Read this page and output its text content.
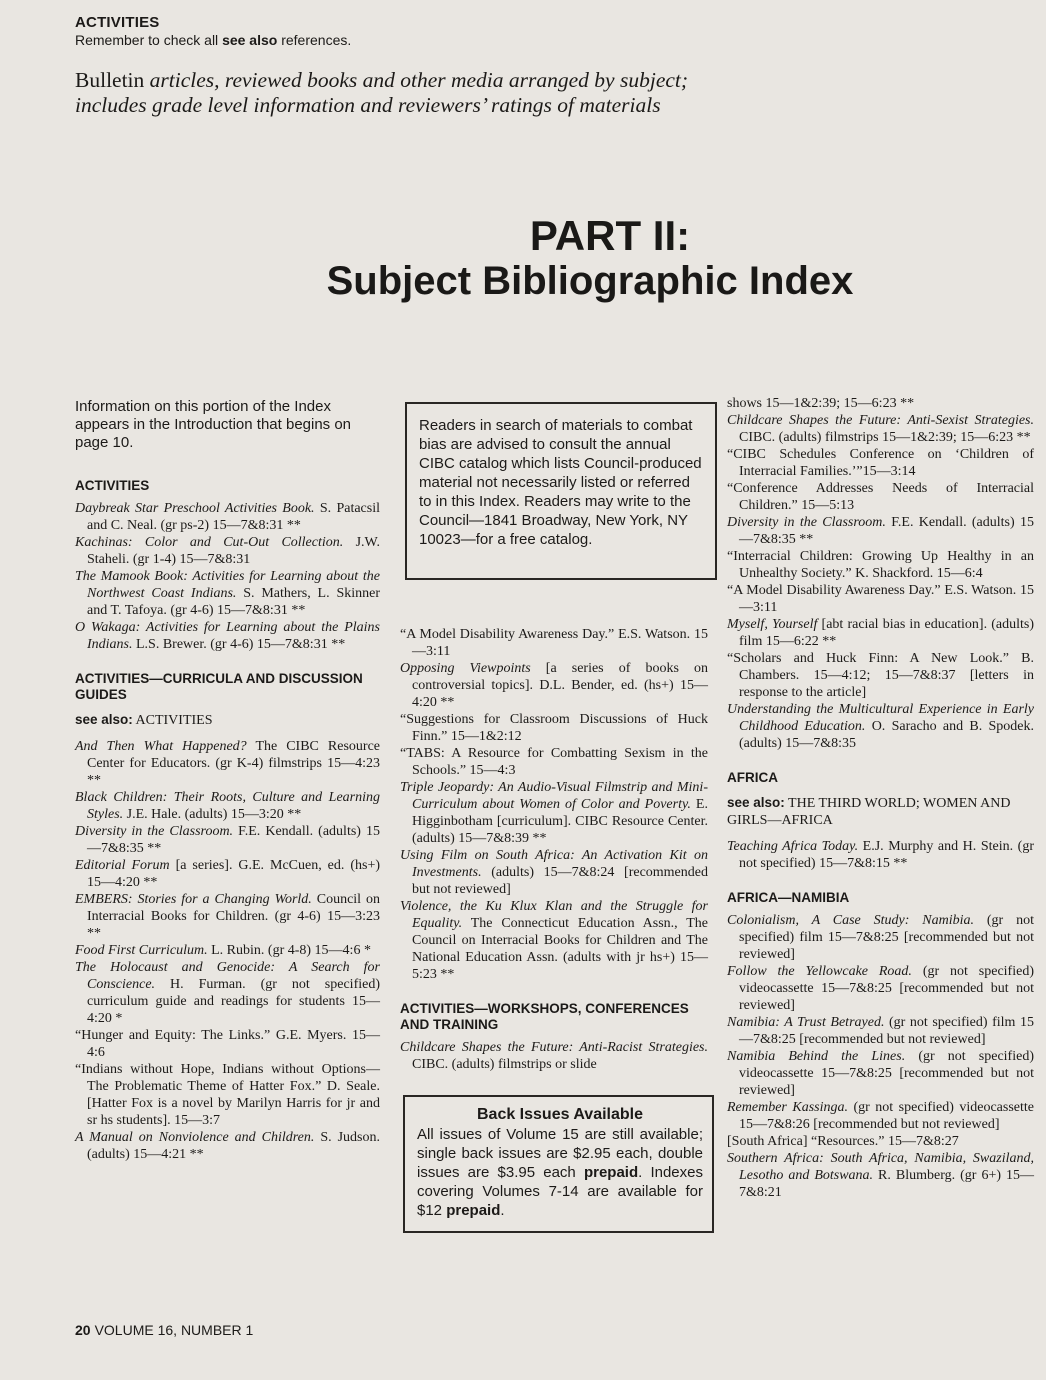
ACTIVITIES
Remember to check all see also references.
Bulletin articles, reviewed books and other media arranged by subject; includes grade level information and reviewers’ ratings of materials
PART II:
Subject Bibliographic Index
Information on this portion of the Index appears in the Introduction that begins on page 10.
ACTIVITIES

Daybreak Star Preschool Activities Book. S. Patacsil and C. Neal. (gr ps-2) 15—7&8:31 **

Kachinas: Color and Cut-Out Collection. J.W. Staheli. (gr 1-4) 15—7&8:31

The Mamook Book: Activities for Learning about the Northwest Coast Indians. S. Mathers, L. Skinner and T. Tafoya. (gr 4-6) 15—7&8:31 **

O Wakaga: Activities for Learning about the Plains Indians. L.S. Brewer. (gr 4-6) 15—7&8:31 **

ACTIVITIES—CURRICULA AND DISCUSSION GUIDES
see also: ACTIVITIES

And Then What Happened? The CIBC Resource Center for Educators. (gr K-4) filmstrips 15—4:23 **

Black Children: Their Roots, Culture and Learning Styles. J.E. Hale. (adults) 15—3:20 **

Diversity in the Classroom. F.E. Kendall. (adults) 15—7&8:35 **

Editorial Forum [a series]. G.E. McCuen, ed. (hs+) 15—4:20 **

EMBERS: Stories for a Changing World. Council on Interracial Books for Children. (gr 4-6) 15—3:23 **

Food First Curriculum. L. Rubin. (gr 4-8) 15—4:6 *

The Holocaust and Genocide: A Search for Conscience. H. Furman. (gr not specified) curriculum guide and readings for students 15—4:20 *

“Hunger and Equity: The Links.” G.E. Myers. 15—4:6

“Indians without Hope, Indians without Options—The Problematic Theme of Hatter Fox.” D. Seale. [Hatter Fox is a novel by Marilyn Harris for jr and sr hs students]. 15—3:7

A Manual on Nonviolence and Children. S. Judson. (adults) 15—4:21 **

Readers in search of materials to combat bias are advised to consult the annual CIBC catalog which lists Council-produced material not necessarily listed or referred to in this Index. Readers may write to the Council—1841 Broadway, New York, NY 10023—for a free catalog.

“A Model Disability Awareness Day.” E.S. Watson. 15—3:11

Opposing Viewpoints [a series of books on controversial topics]. D.L. Bender, ed. (hs+) 15—4:20 **

“Suggestions for Classroom Discussions of Huck Finn.” 15—1&2:12

“TABS: A Resource for Combatting Sexism in the Schools.” 15—4:3

Triple Jeopardy: An Audio-Visual Filmstrip and Mini-Curriculum about Women of Color and Poverty. E. Higginbotham [curriculum]. CIBC Resource Center. (adults) 15—7&8:39 **

Using Film on South Africa: An Activation Kit on Investments. (adults) 15—7&8:24 [recommended but not reviewed]

Violence, the Ku Klux Klan and the Struggle for Equality. The Connecticut Education Assn., The Council on Interracial Books for Children and The National Education Assn. (adults with jr hs+) 15—5:23 **

ACTIVITIES—WORKSHOPS, CONFERENCES AND TRAINING

Childcare Shapes the Future: Anti-Racist Strategies. CIBC. (adults) filmstrips or slide

Back Issues Available
All issues of Volume 15 are still available; single back issues are $2.95 each, double issues are $3.95 each prepaid. Indexes covering Volumes 7-14 are available for $12 prepaid.

shows 15—1&2:39; 15—6:23 **

Childcare Shapes the Future: Anti-Sexist Strategies. CIBC. (adults) filmstrips 15—1&2:39; 15—6:23 **

“CIBC Schedules Conference on ‘Children of Interracial Families.’”15—3:14

“Conference Addresses Needs of Interracial Children.” 15—5:13

Diversity in the Classroom. F.E. Kendall. (adults) 15—7&8:35 **

“Interracial Children: Growing Up Healthy in an Unhealthy Society.” K. Shackford. 15—6:4

“A Model Disability Awareness Day.” E.S. Watson. 15—3:11

Myself, Yourself [abt racial bias in education]. (adults) film 15—6:22 **

“Scholars and Huck Finn: A New Look.” B. Chambers. 15—4:12; 15—7&8:37 [letters in response to the article]

Understanding the Multicultural Experience in Early Childhood Education. O. Saracho and B. Spodek. (adults) 15—7&8:35

AFRICA
see also: THE THIRD WORLD; WOMEN AND GIRLS—AFRICA

Teaching Africa Today. E.J. Murphy and H. Stein. (gr not specified) 15—7&8:15 **

AFRICA—NAMIBIA

Colonialism, A Case Study: Namibia. (gr not specified) film 15—7&8:25 [recommended but not reviewed]

Follow the Yellowcake Road. (gr not specified) videocassette 15—7&8:25 [recommended but not reviewed]

Namibia: A Trust Betrayed. (gr not specified) film 15—7&8:25 [recommended but not reviewed]

Namibia Behind the Lines. (gr not specified) videocassette 15—7&8:25 [recommended but not reviewed]

Remember Kassinga. (gr not specified) videocassette 15—7&8:26 [recommended but not reviewed]

[South Africa] “Resources.” 15—7&8:27

Southern Africa: South Africa, Namibia, Swaziland, Lesotho and Botswana. R. Blumberg. (gr 6+) 15—7&8:21

20 VOLUME 16, NUMBER 1
